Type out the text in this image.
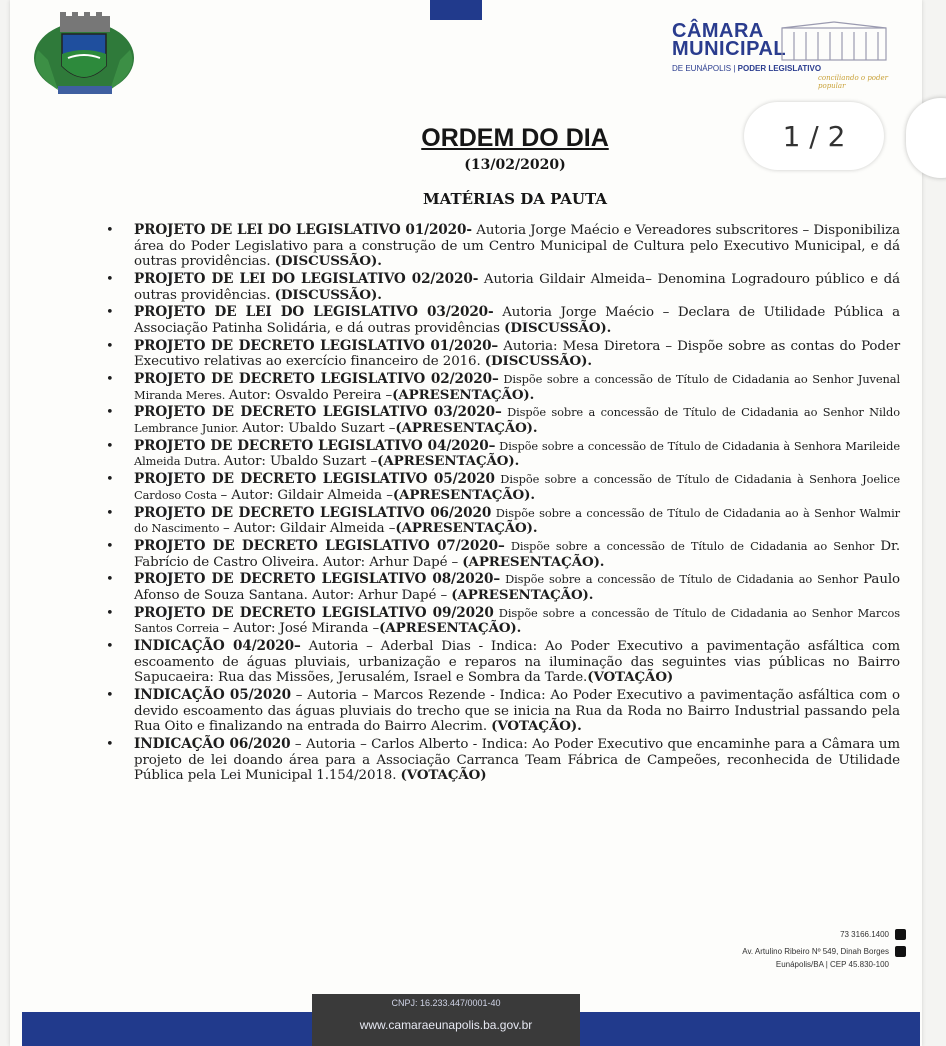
CÂMARA
MUNICIPAL
DE EUNÁPOLIS | PODER LEGISLATIVO
conciliando o poder popular
1 / 2
ORDEM DO DIA
(13/02/2020)
MATÉRIAS DA PAUTA
• PROJETO DE LEI DO LEGISLATIVO 01/2020- Autoria Jorge Maécio e Vereadores subscritores – Disponibiliza área do Poder Legislativo para a construção de um Centro Municipal de Cultura pelo Executivo Municipal, e dá outras providências. (DISCUSSÃO).
• PROJETO DE LEI DO LEGISLATIVO 02/2020- Autoria Gildair Almeida– Denomina Logradouro público e dá outras providências. (DISCUSSÃO).
• PROJETO DE LEI DO LEGISLATIVO 03/2020- Autoria Jorge Maécio – Declara de Utilidade Pública a Associação Patinha Solidária, e dá outras providências (DISCUSSÃO).
• PROJETO DE DECRETO LEGISLATIVO 01/2020– Autoria: Mesa Diretora – Dispõe sobre as contas do Poder Executivo relativas ao exercício financeiro de 2016. (DISCUSSÃO).
• PROJETO DE DECRETO LEGISLATIVO 02/2020– Dispõe sobre a concessão de Título de Cidadania ao Senhor Juvenal Miranda Meres. Autor: Osvaldo Pereira –(APRESENTAÇÃO).
• PROJETO DE DECRETO LEGISLATIVO 03/2020– Dispõe sobre a concessão de Título de Cidadania ao Senhor Nildo Lembrance Junior. Autor: Ubaldo Suzart –(APRESENTAÇÃO).
• PROJETO DE DECRETO LEGISLATIVO 04/2020– Dispõe sobre a concessão de Título de Cidadania à Senhora Marileide Almeida Dutra. Autor: Ubaldo Suzart –(APRESENTAÇÃO).
• PROJETO DE DECRETO LEGISLATIVO 05/2020 Dispõe sobre a concessão de Título de Cidadania à Senhora Joelice Cardoso Costa – Autor: Gildair Almeida –(APRESENTAÇÃO).
• PROJETO DE DECRETO LEGISLATIVO 06/2020 Dispõe sobre a concessão de Título de Cidadania ao à Senhor Walmir do Nascimento – Autor: Gildair Almeida –(APRESENTAÇÃO).
• PROJETO DE DECRETO LEGISLATIVO 07/2020– Dispõe sobre a concessão de Título de Cidadania ao Senhor Dr. Fabrício de Castro Oliveira. Autor: Arhur Dapé – (APRESENTAÇÃO).
• PROJETO DE DECRETO LEGISLATIVO 08/2020– Dispõe sobre a concessão de Título de Cidadania ao Senhor Paulo Afonso de Souza Santana. Autor: Arhur Dapé – (APRESENTAÇÃO).
• PROJETO DE DECRETO LEGISLATIVO 09/2020 Dispõe sobre a concessão de Título de Cidadania ao Senhor Marcos Santos Correia – Autor: José Miranda –(APRESENTAÇÃO).
• INDICAÇÃO 04/2020– Autoria – Aderbal Dias - Indica: Ao Poder Executivo a pavimentação asfáltica com escoamento de águas pluviais, urbanização e reparos na iluminação das seguintes vias públicas no Bairro Sapucaeira: Rua das Missões, Jerusalém, Israel e Sombra da Tarde.(VOTAÇÃO)
• INDICAÇÃO 05/2020 – Autoria – Marcos Rezende - Indica: Ao Poder Executivo a pavimentação asfáltica com o devido escoamento das águas pluviais do trecho que se inicia na Rua da Roda no Bairro Industrial passando pela Rua Oito e finalizando na entrada do Bairro Alecrim. (VOTAÇÃO).
• INDICAÇÃO 06/2020 – Autoria – Carlos Alberto - Indica: Ao Poder Executivo que encaminhe para a Câmara um projeto de lei doando área para a Associação Carranca Team Fábrica de Campeões, reconhecida de Utilidade Pública pela Lei Municipal 1.154/2018. (VOTAÇÃO)
73 3166.1400
Av. Artulino Ribeiro Nº 549, Dinah Borges
Eunápolis/BA | CEP 45.830-100
CNPJ: 16.233.447/0001-40
www.camaraeunapolis.ba.gov.br
